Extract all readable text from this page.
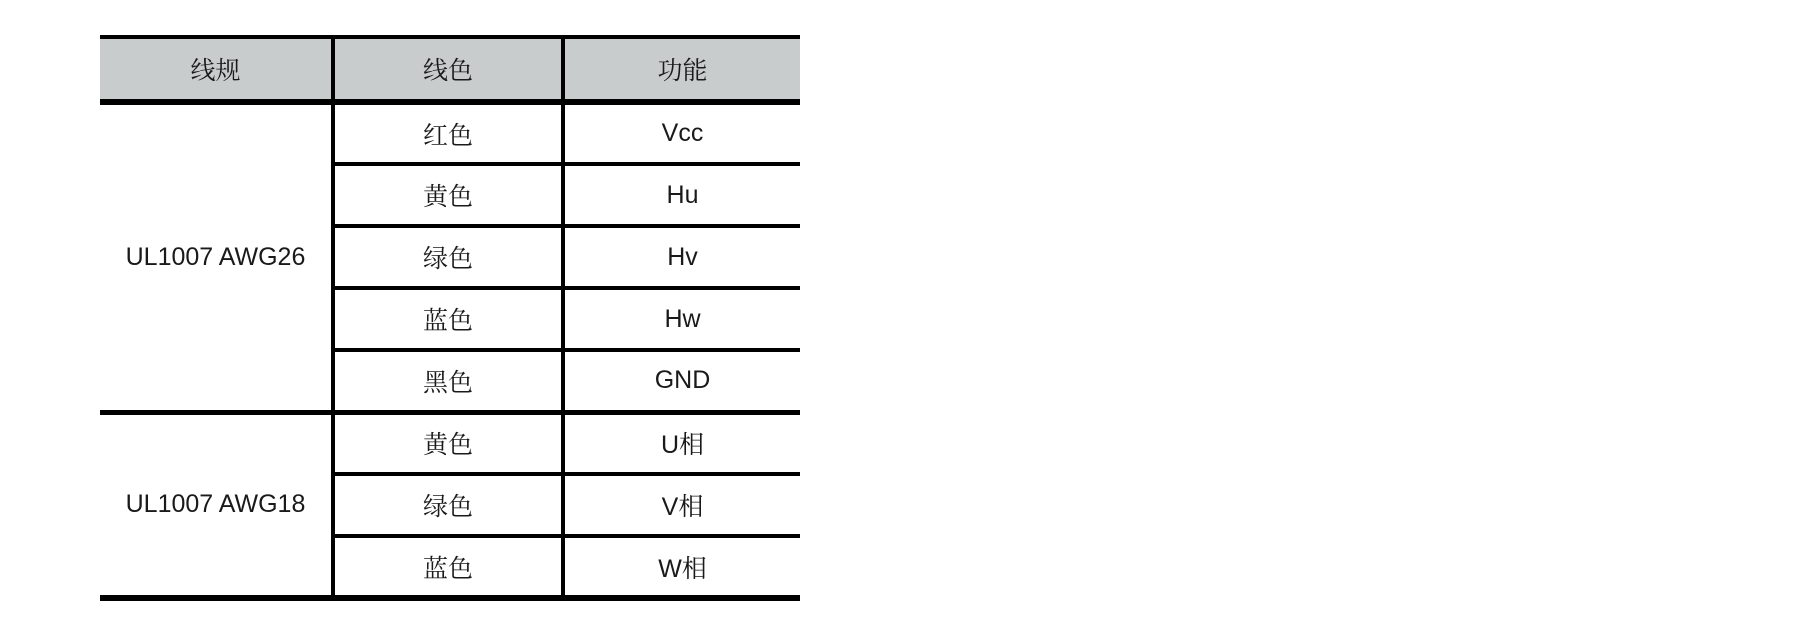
线规	线色	功能
UL1007 AWG26	红色	Vcc
	黄色	Hu
	绿色	Hv
	蓝色	Hw
	黑色	GND
UL1007 AWG18	黄色	U相
	绿色	V相
	蓝色	W相
